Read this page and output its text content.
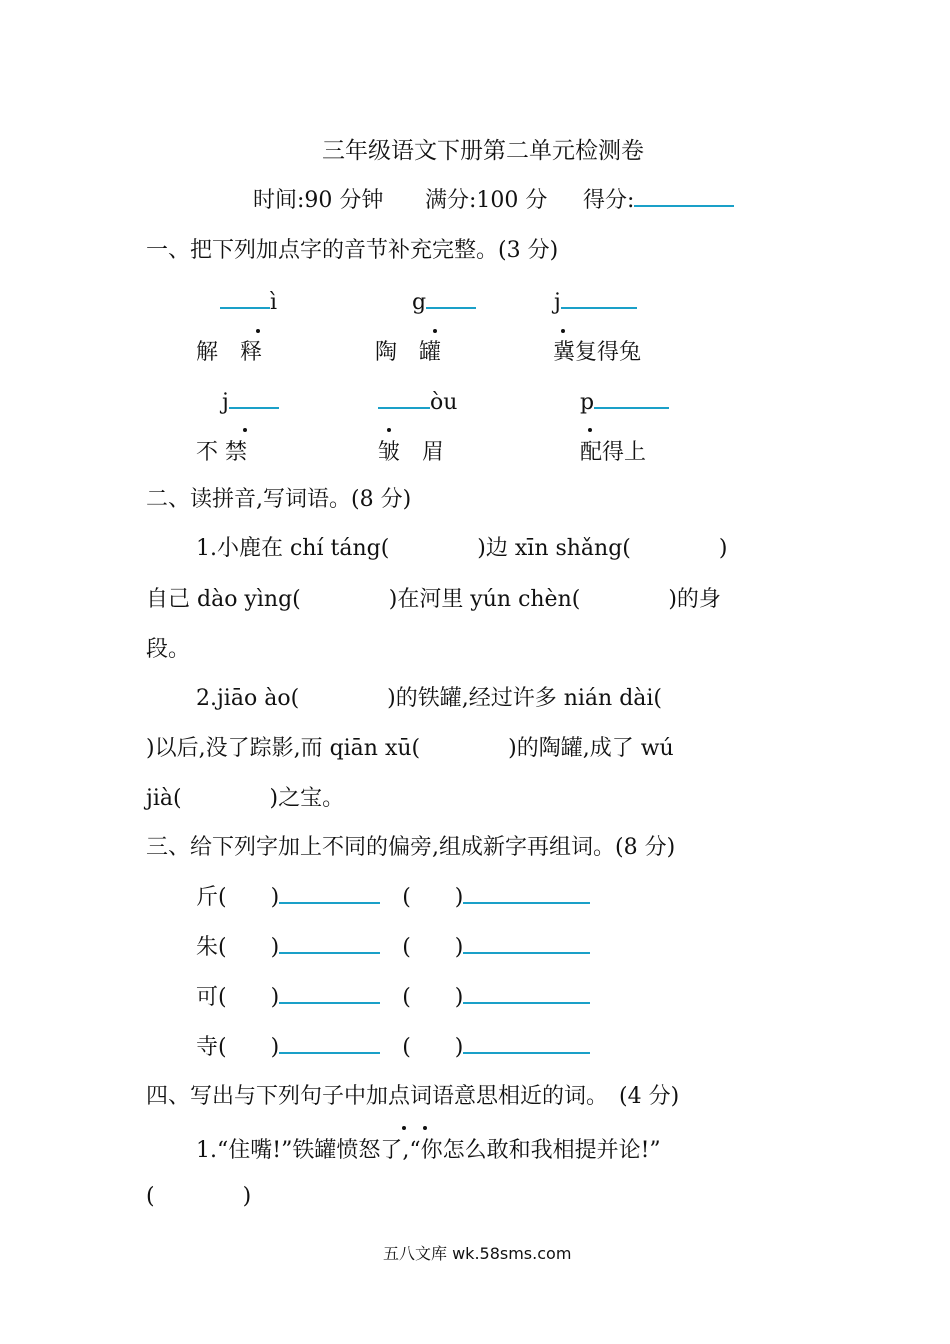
三年级语文下册第二单元检测卷
时间:90 分钟 满分:100 分 得分:
一、把下列加点字的音节补充完整。(3 分)
ì	g	j
解　释	陶　罐	冀复得兔
j	òu	p
不 禁	皱　眉	配得上
二、读拼音,写词语。(8 分)
1.小鹿在 chí táng(　　　　)边 xīn shǎng(　　　　)
自己 dào yìng(　　　　)在河里 yún chèn(　　　　)的身
段。
2.jiāo ào(　　　　)的铁罐,经过许多 nián dài(
)以后,没了踪影,而 qiān xū(　　　　)的陶罐,成了 wú
jià(　　　　)之宝。
三、给下列字加上不同的偏旁,组成新字再组词。(8 分)
斤(　　)	　(　　)
朱(　　)	　(　　)
可(　　)	　(　　)
寺(　　)	　(　　)
四、写出与下列句子中加点词语意思相近的词。　(4 分)
1.“住嘴!”铁罐愤怒了,“你怎么敢和我相提并论!”
(　　　　)
五八文库 wk.58sms.com
